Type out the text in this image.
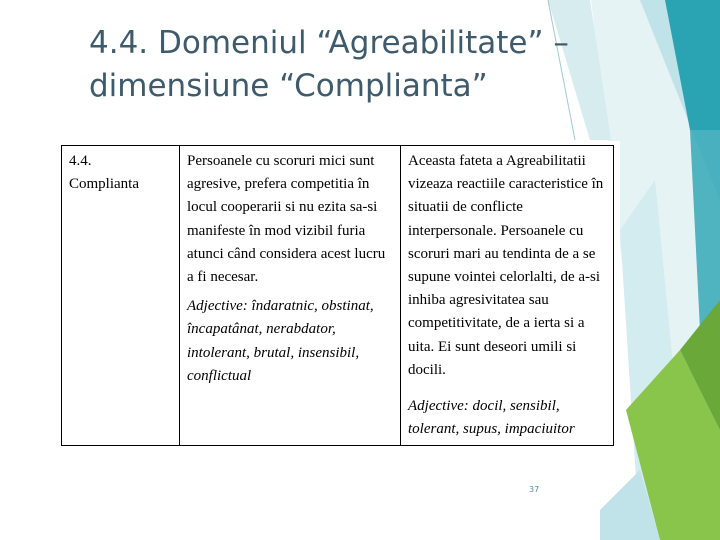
4.4. Domeniul “Agreabilitate” –
dimensiune “Complianta”
4.4.
Complianta

Persoanele cu scoruri mici sunt agresive, prefera competitia în locul cooperarii si nu ezita sa-si manifeste în mod vizibil furia atunci când considera acest lucru a fi necesar.
Adjective: îndaratnic, obstinat, încapatânat, nerabdator, intolerant, brutal, insensibil, conflictual

Aceasta fateta a Agreabilitatii vizeaza reactiile caracteristice în situatii de conflicte interpersonale. Persoanele cu scoruri mari au tendinta de a se supune vointei celorlalti, de a-si inhiba agresivitatea sau competitivitate, de a ierta si a uita. Ei sunt deseori umili si docili.
Adjective: docil, sensibil, tolerant, supus, impaciuitor
37
